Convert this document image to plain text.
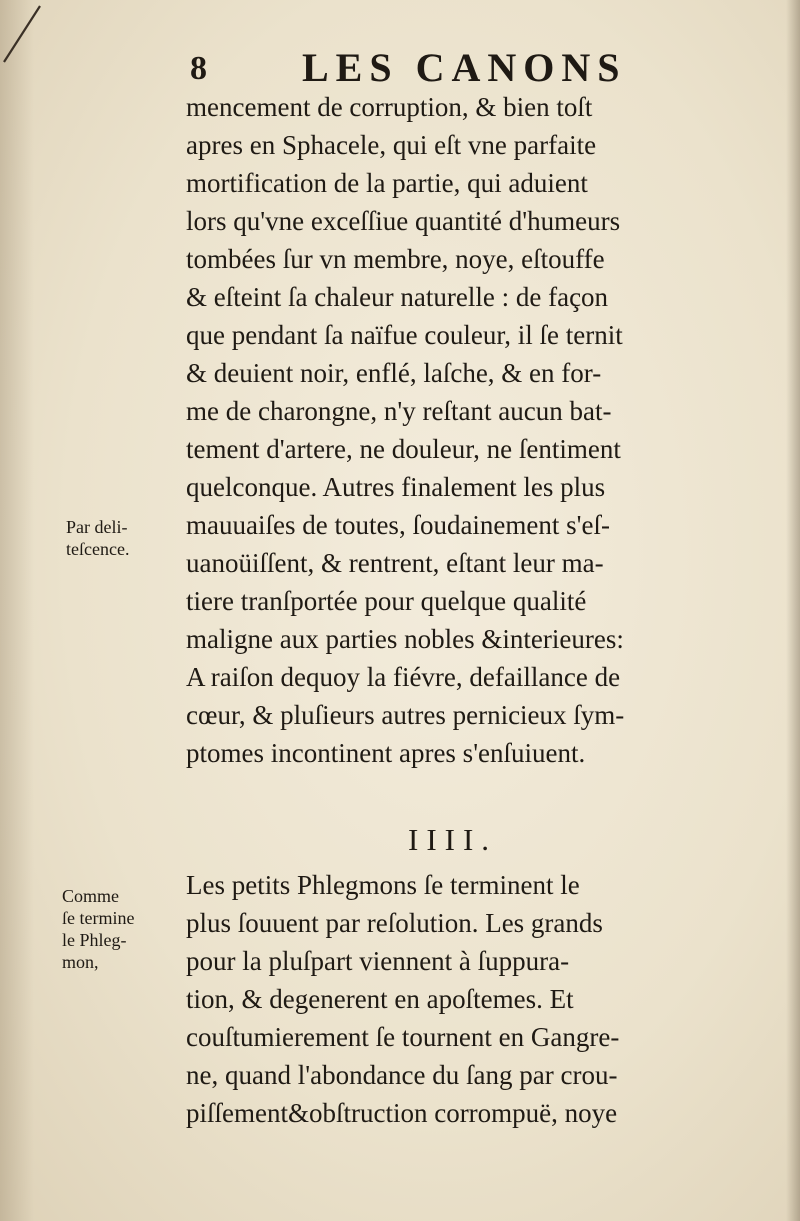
8 LES CANONS
Par deli-
teſcence.
mencement de corruption, & bien toſt
apres en Sphacele, qui eſt vne parfaite
mortification de la partie, qui aduient
lors qu'vne exceſſiue quantité d'humeurs
tombées ſur vn membre, noye, eſtouffe
& eſteint ſa chaleur naturelle : de façon
que pendant ſa naïfue couleur, il ſe ternit
& deuient noir, enflé, laſche, & en for-
me de charongne, n'y reſtant aucun bat-
tement d'artere, ne douleur, ne ſentiment
quelconque. Autres finalement les plus
mauuaiſes de toutes, ſoudainement s'eſ-
uanoüiſſent, & rentrent, eſtant leur ma-
tiere tranſportée pour quelque qualité
maligne aux parties nobles &interieures:
A raiſon dequoy la fiévre, defaillance de
cœur, & pluſieurs autres pernicieux ſym-
ptomes incontinent apres s'enſuiuent.
IIII.
Comme
ſe termine
le Phleg-
mon,
Les petits Phlegmons ſe terminent le
plus ſouuent par reſolution. Les grands
pour la pluſpart viennent à ſuppura-
tion, & degenerent en apoſtemes. Et
couſtumierement ſe tournent en Gangre-
ne, quand l'abondance du ſang par crou-
piſſement&obſtruction corrompuë, noye
